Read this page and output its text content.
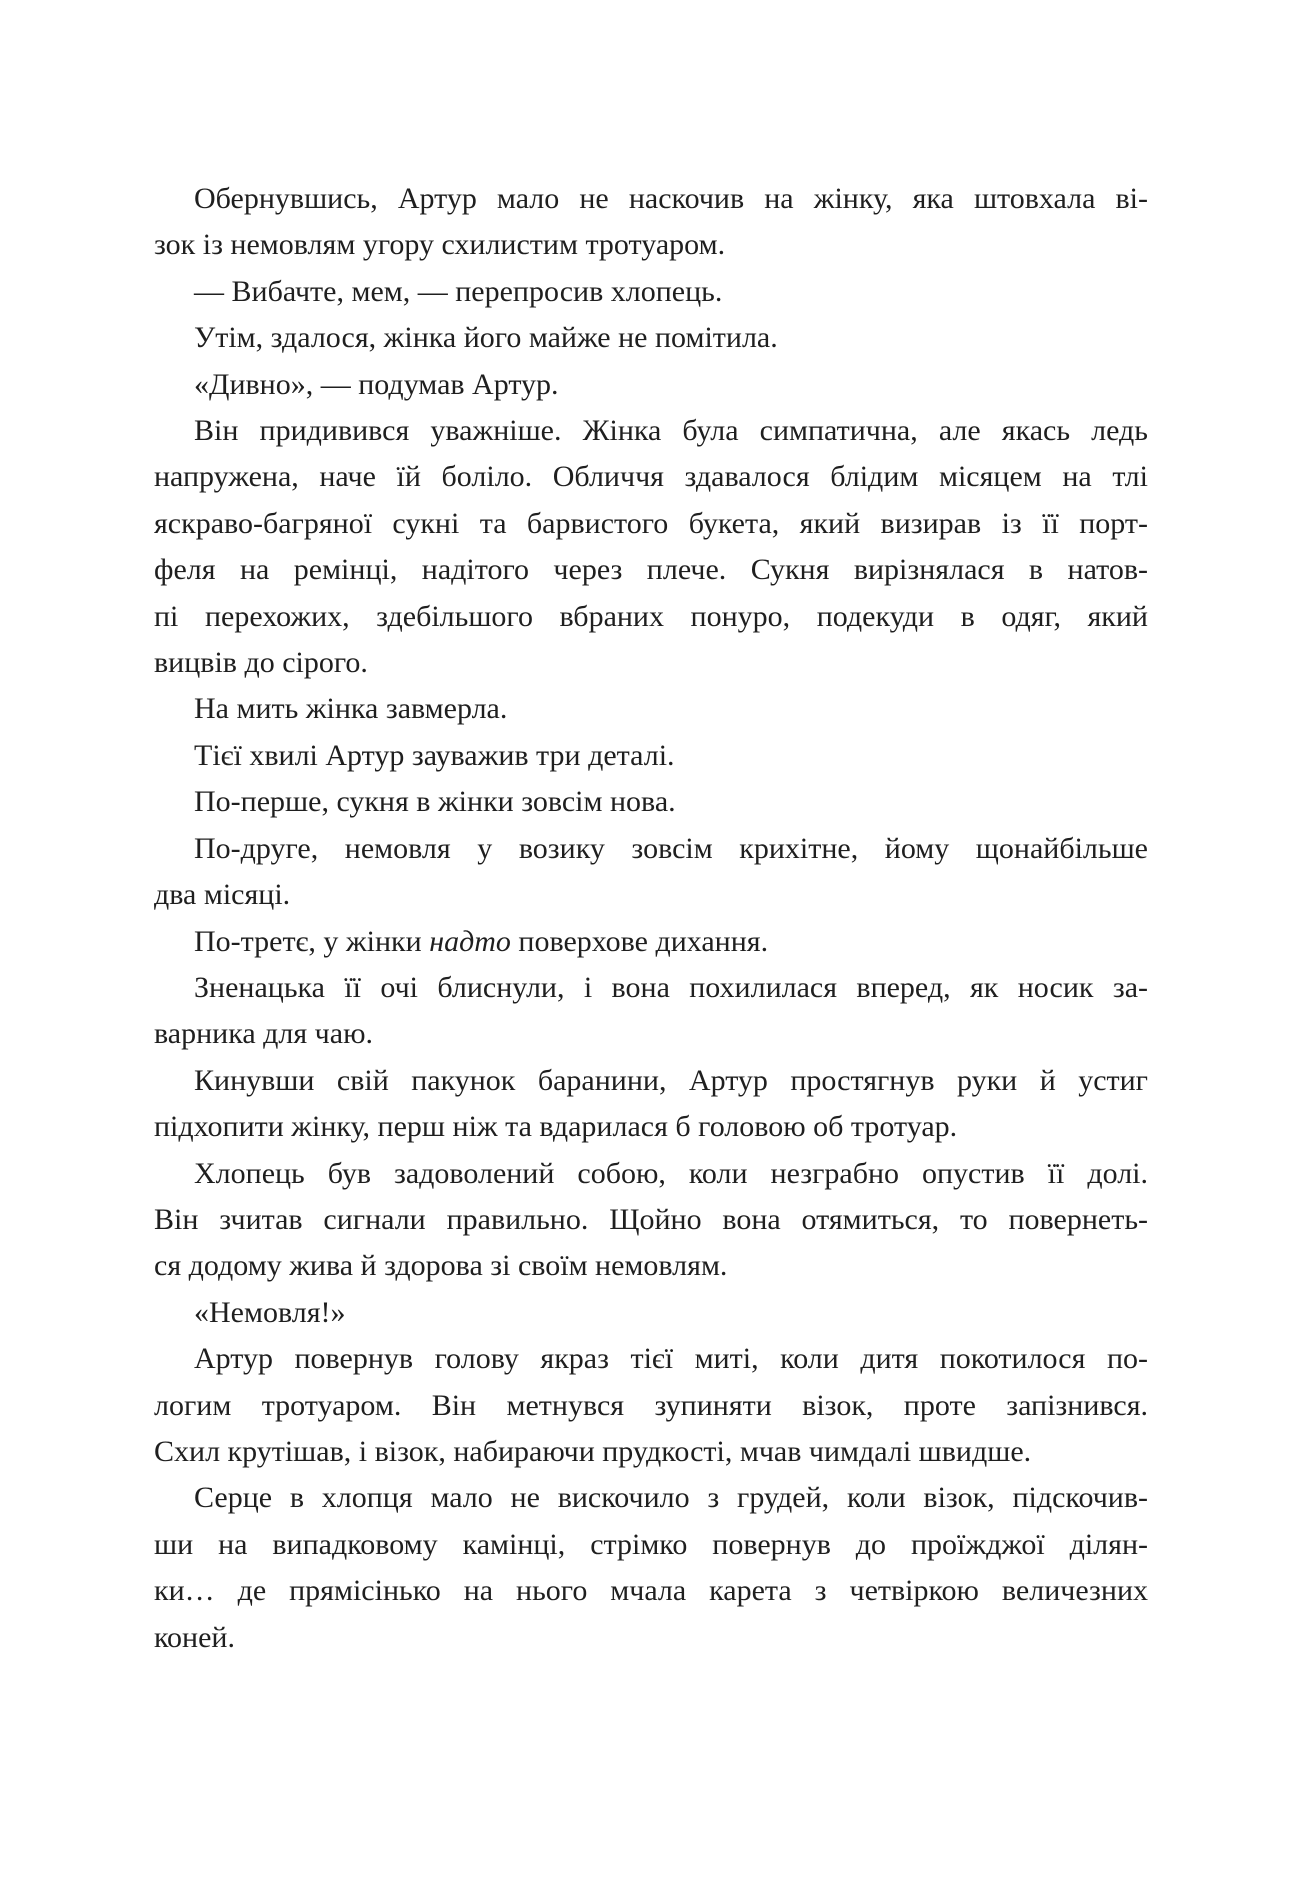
Обернувшись, Артур мало не наскочив на жінку, яка штовхала ві-
зок із немовлям угору схилистим тротуаром.
— Вибачте, мем, — перепросив хлопець.
Утім, здалося, жінка його майже не помітила.
«Дивно», — подумав Артур.
Він придивився уважніше. Жінка була симпатична, але якась ледь
напружена, наче їй боліло. Обличчя здавалося блідим місяцем на тлі
яскраво-багряної сукні та барвистого букета, який визирав із її порт-
феля на ремінці, надітого через плече. Сукня вирізнялася в натов-
пі перехожих, здебільшого вбраних понуро, подекуди в одяг, який
вицвів до сірого.
На мить жінка завмерла.
Тієї хвилі Артур зауважив три деталі.
По-перше, сукня в жінки зовсім нова.
По-друге, немовля у возику зовсім крихітне, йому щонайбільше
два місяці.
По-третє, у жінки надто поверхове дихання.
Зненацька її очі блиснули, і вона похилилася вперед, як носик за-
варника для чаю.
Кинувши свій пакунок баранини, Артур простягнув руки й устиг
підхопити жінку, перш ніж та вдарилася б головою об тротуар.
Хлопець був задоволений собою, коли незграбно опустив її долі.
Він зчитав сигнали правильно. Щойно вона отямиться, то повернеть-
ся додому жива й здорова зі своїм немовлям.
«Немовля!»
Артур повернув голову якраз тієї миті, коли дитя покотилося по-
логим тротуаром. Він метнувся зупиняти візок, проте запізнився.
Схил крутішав, і візок, набираючи прудкості, мчав чимдалі швидше.
Серце в хлопця мало не вискочило з грудей, коли візок, підскочив-
ши на випадковому камінці, стрімко повернув до проїжджої ділян-
ки… де прямісінько на нього мчала карета з четвіркою величезних
коней.
